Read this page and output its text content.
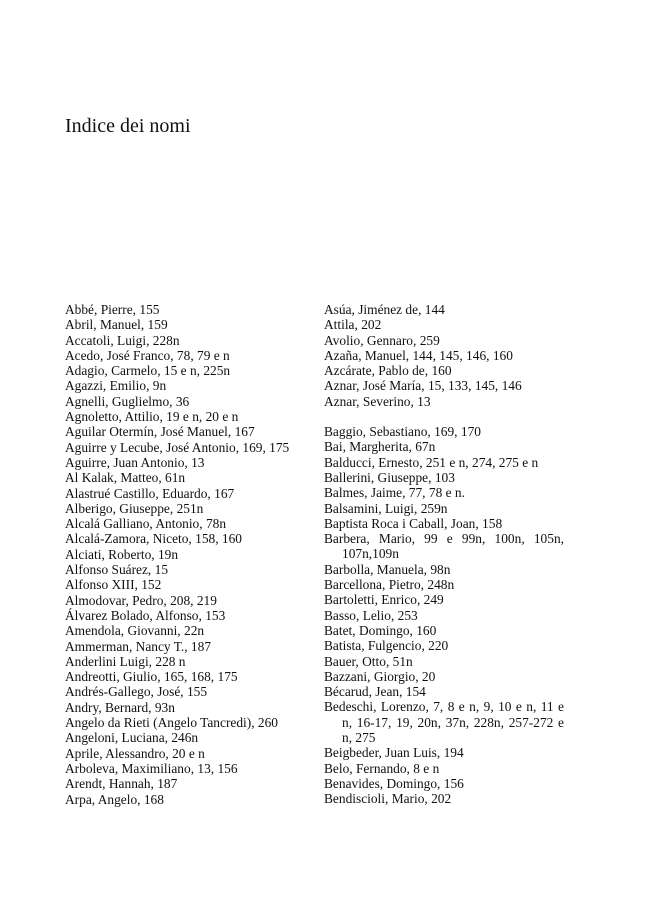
Indice dei nomi
Abbé, Pierre, 155
Abril, Manuel, 159
Accatoli, Luigi, 228n
Acedo, José Franco, 78, 79 e n
Adagio, Carmelo, 15 e n, 225n
Agazzi, Emilio, 9n
Agnelli, Guglielmo, 36
Agnoletto, Attilio, 19 e n, 20 e n
Aguilar Otermín, José Manuel, 167
Aguirre y Lecube, José Antonio, 169, 175
Aguirre, Juan Antonio, 13
Al Kalak, Matteo, 61n
Alastrué Castillo, Eduardo, 167
Alberigo, Giuseppe, 251n
Alcalá Galliano, Antonio, 78n
Alcalá-Zamora, Niceto, 158, 160
Alciati, Roberto, 19n
Alfonso Suárez, 15
Alfonso XIII, 152
Almodovar, Pedro, 208, 219
Álvarez Bolado, Alfonso, 153
Amendola, Giovanni, 22n
Ammerman, Nancy T., 187
Anderlini Luigi, 228 n
Andreotti, Giulio, 165, 168, 175
Andrés-Gallego, José, 155
Andry, Bernard, 93n
Angelo da Rieti (Angelo Tancredi), 260
Angeloni, Luciana, 246n
Aprile, Alessandro, 20 e n
Arboleva, Maximiliano, 13, 156
Arendt, Hannah, 187
Arpa, Angelo, 168
Asúa, Jiménez de, 144
Attila, 202
Avolio, Gennaro, 259
Azaña, Manuel, 144, 145, 146, 160
Azcárate, Pablo de, 160
Aznar, José María, 15, 133, 145, 146
Aznar, Severino, 13
Baggio, Sebastiano, 169, 170
Bai, Margherita, 67n
Balducci, Ernesto, 251 e n, 274, 275 e n
Ballerini, Giuseppe, 103
Balmes, Jaime, 77, 78 e n.
Balsamini, Luigi, 259n
Baptista Roca i Caball, Joan, 158
Barbera, Mario, 99 e 99n, 100n, 105n, 107n,109n
Barbolla, Manuela, 98n
Barcellona, Pietro, 248n
Bartoletti, Enrico, 249
Basso, Lelio, 253
Batet, Domingo, 160
Batista, Fulgencio, 220
Bauer, Otto, 51n
Bazzani, Giorgio, 20
Bécarud, Jean, 154
Bedeschi, Lorenzo, 7, 8 e n, 9, 10 e n, 11 e n, 16-17, 19, 20n, 37n, 228n, 257-272 e n, 275
Beigbeder, Juan Luis, 194
Belo, Fernando, 8 e n
Benavides, Domingo, 156
Bendiscioli, Mario, 202
